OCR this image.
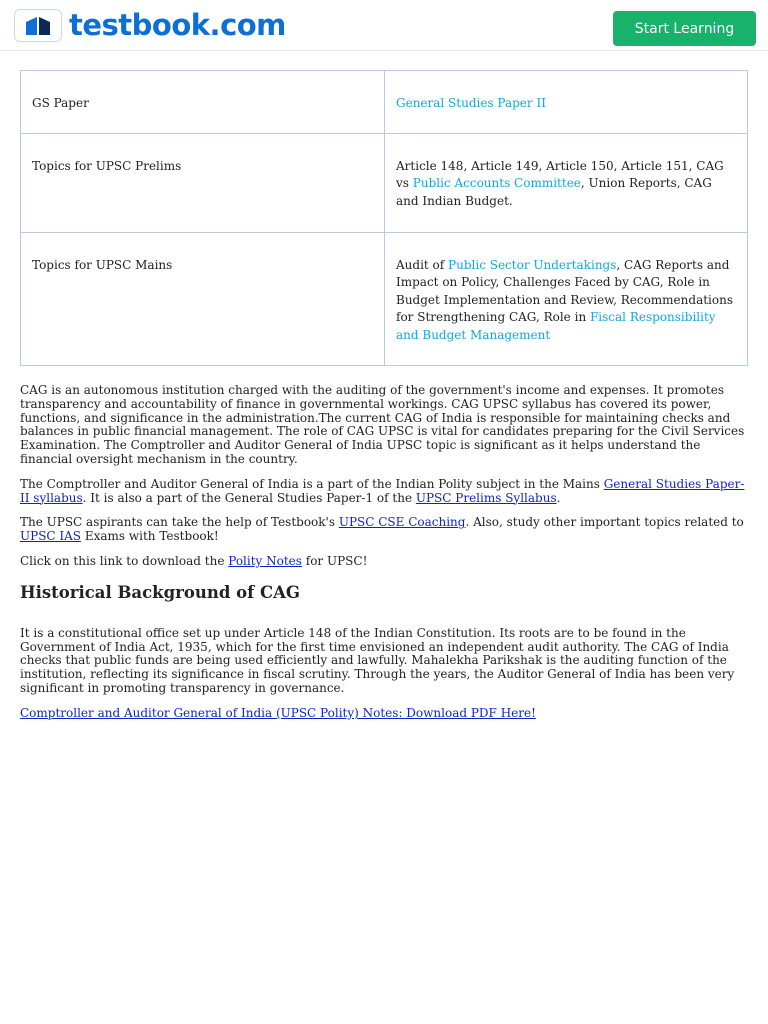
testbook.com	Start Learning
GS Paper	General Studies Paper II
Topics for UPSC Prelims	Article 148, Article 149, Article 150, Article 151, CAG vs Public Accounts Committee, Union Reports, CAG and Indian Budget.
Topics for UPSC Mains	Audit of Public Sector Undertakings, CAG Reports and Impact on Policy, Challenges Faced by CAG, Role in Budget Implementation and Review, Recommendations for Strengthening CAG, Role in Fiscal Responsibility and Budget Management

CAG is an autonomous institution charged with the auditing of the government's income and expenses. It promotes transparency and accountability of finance in governmental workings. CAG UPSC syllabus has covered its power, functions, and significance in the administration.The current CAG of India is responsible for maintaining checks and balances in public financial management. The role of CAG UPSC is vital for candidates preparing for the Civil Services Examination. The Comptroller and Auditor General of India UPSC topic is significant as it helps understand the financial oversight mechanism in the country.

The Comptroller and Auditor General of India is a part of the Indian Polity subject in the Mains General Studies Paper-II syllabus. It is also a part of the General Studies Paper-1 of the UPSC Prelims Syllabus.

The UPSC aspirants can take the help of Testbook's UPSC CSE Coaching. Also, study other important topics related to UPSC IAS Exams with Testbook!

Click on this link to download the Polity Notes for UPSC!

Historical Background of CAG

It is a constitutional office set up under Article 148 of the Indian Constitution. Its roots are to be found in the Government of India Act, 1935, which for the first time envisioned an independent audit authority. The CAG of India checks that public funds are being used efficiently and lawfully. Mahalekha Parikshak is the auditing function of the institution, reflecting its significance in fiscal scrutiny. Through the years, the Auditor General of India has been very significant in promoting transparency in governance.

Comptroller and Auditor General of India (UPSC Polity) Notes: Download PDF Here!
